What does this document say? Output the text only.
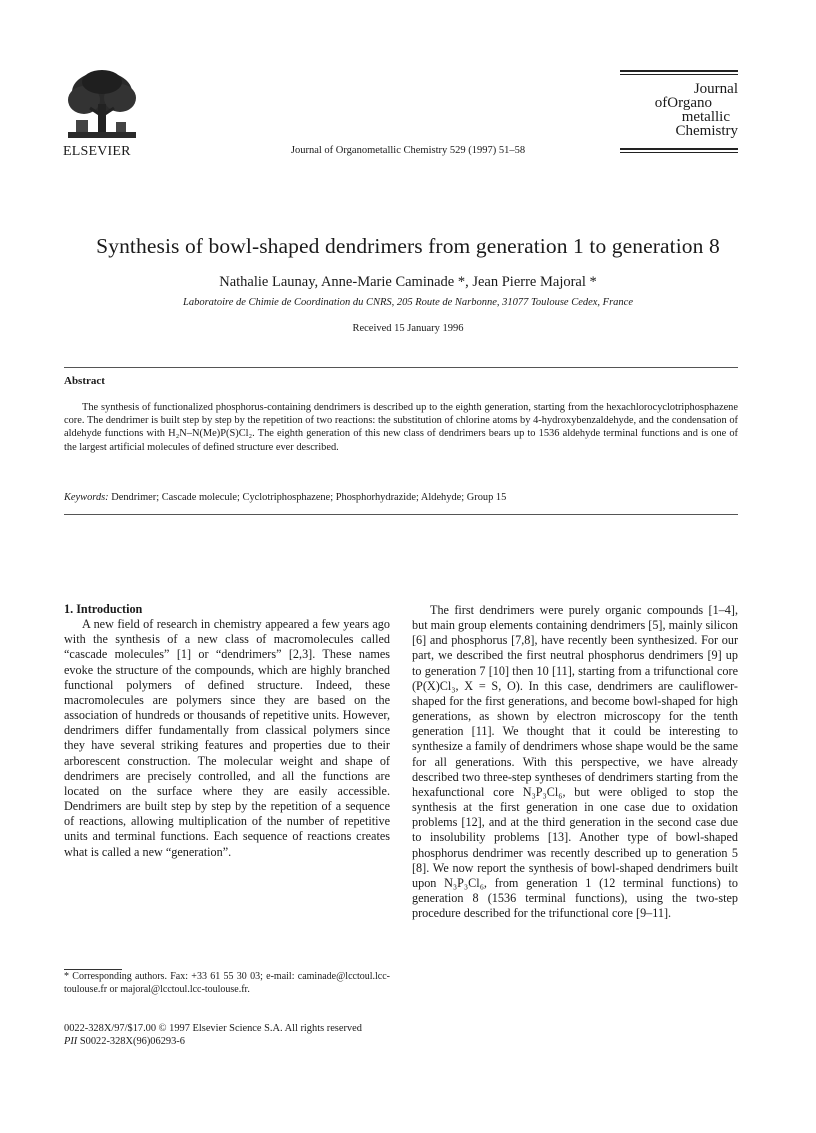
ELSEVIER	Journal of Organometallic Chemistry 529 (1997) 51–58
Journal
ofOrgano
metallic
Chemistry
Synthesis of bowl-shaped dendrimers from generation 1 to generation 8
Nathalie Launay, Anne-Marie Caminade *, Jean Pierre Majoral *
Laboratoire de Chimie de Coordination du CNRS, 205 Route de Narbonne, 31077 Toulouse Cedex, France
Received 15 January 1996
Abstract
The synthesis of functionalized phosphorus-containing dendrimers is described up to the eighth generation, starting from the hexachlorocyclotriphosphazene core. The dendrimer is built step by step by the repetition of two reactions: the substitution of chlorine atoms by 4-hydroxybenzaldehyde, and the condensation of aldehyde functions with H₂N–N(Me)P(S)Cl₂. The eighth generation of this new class of dendrimers bears up to 1536 aldehyde terminal functions and is one of the largest artificial molecules of defined structure ever described.
Keywords: Dendrimer; Cascade molecule; Cyclotriphosphazene; Phosphorhydrazide; Aldehyde; Group 15

1. Introduction

A new field of research in chemistry appeared a few years ago with the synthesis of a new class of macromolecules called “cascade molecules” [1] or “dendrimers” [2,3]. These names evoke the structure of the compounds, which are highly branched functional polymers of defined structure. Indeed, these macromolecules are polymers since they are based on the association of hundreds or thousands of repetitive units. However, dendrimers differ fundamentally from classical polymers since they have several striking features and properties due to their arborescent construction. The molecular weight and shape of dendrimers are precisely controlled, and all the functions are located on the surface where they are easily accessible. Dendrimers are built step by step by the repetition of a sequence of reactions, allowing multiplication of the number of repetitive units and terminal functions. Each sequence of reactions creates what is called a new “generation”.

The first dendrimers were purely organic compounds [1–4], but main group elements containing dendrimers [5], mainly silicon [6] and phosphorus [7,8], have recently been synthesized. For our part, we described the first neutral phosphorus dendrimers [9] up to generation 7 [10] then 10 [11], starting from a trifunctional core (P(X)Cl₃, X = S, O). In this case, dendrimers are cauliflower-shaped for the first generations, and become bowl-shaped for high generations, as shown by electron microscopy for the tenth generation [11]. We thought that it could be interesting to synthesize a family of dendrimers whose shape would be the same for all generations. With this perspective, we have already described two three-step syntheses of dendrimers starting from the hexafunctional core N₃P₃Cl₆, but were obliged to stop the synthesis at the first generation in one case due to oxidation problems [12], and at the third generation in the second case due to insolubility problems [13]. Another type of bowl-shaped phosphorus dendrimer was recently described up to generation 5 [8]. We now report the synthesis of bowl-shaped dendrimers built upon N₃P₃Cl₆, from generation 1 (12 terminal functions) to generation 8 (1536 terminal functions), using the two-step procedure described for the trifunctional core [9–11].

* Corresponding authors. Fax: +33 61 55 30 03; e-mail: caminade@lcctoul.lcc-toulouse.fr or majoral@lcctoul.lcc-toulouse.fr.
0022-328X/97/$17.00 © 1997 Elsevier Science S.A. All rights reserved
PII S0022-328X(96)06293-6
